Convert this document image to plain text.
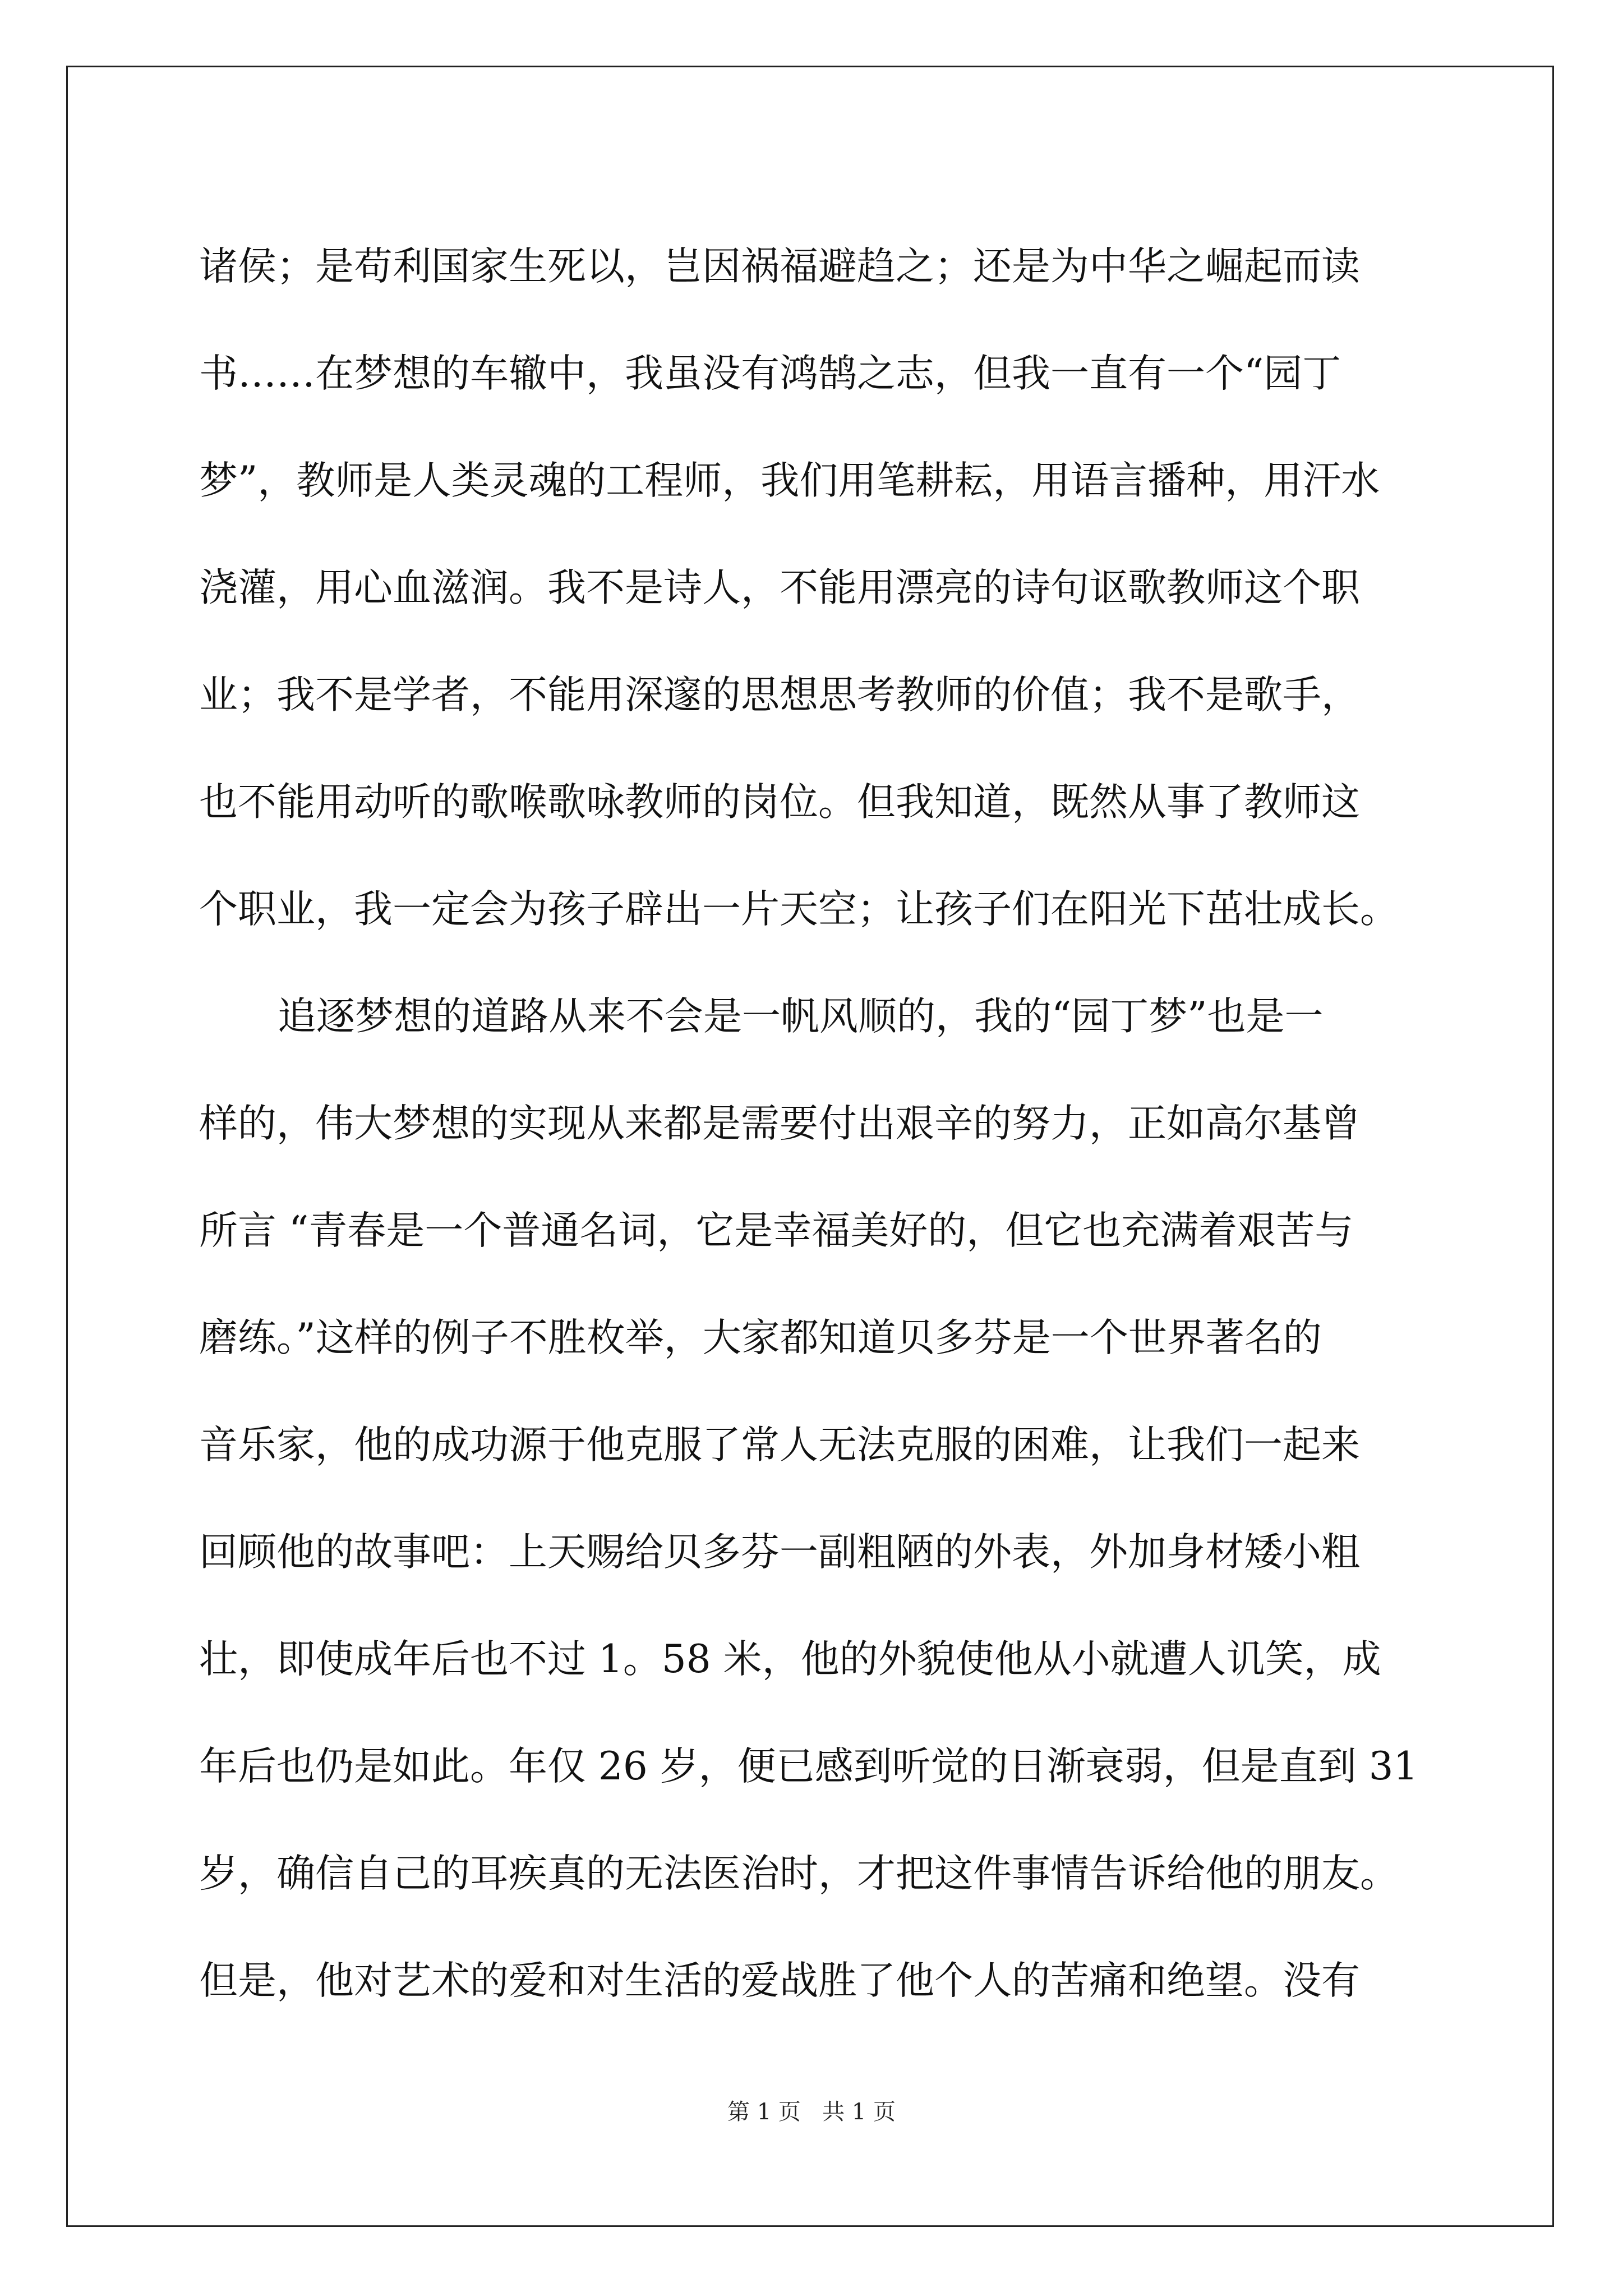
诸侯；是苟利国家生死以，岂因祸福避趋之；还是为中华之崛起而读
书……在梦想的车辙中，我虽没有鸿鹄之志，但我一直有一个“园丁
梦”，教师是人类灵魂的工程师，我们用笔耕耘，用语言播种，用汗水
浇灌，用心血滋润。我不是诗人，不能用漂亮的诗句讴歌教师这个职
业；我不是学者，不能用深邃的思想思考教师的价值；我不是歌手，
也不能用动听的歌喉歌咏教师的岗位。但我知道，既然从事了教师这
个职业，我一定会为孩子辟出一片天空；让孩子们在阳光下茁壮成长。
追逐梦想的道路从来不会是一帆风顺的，我的“园丁梦”也是一
样的，伟大梦想的实现从来都是需要付出艰辛的努力，正如高尔基曾
所言 “青春是一个普通名词，它是幸福美好的，但它也充满着艰苦与
磨练。”这样的例子不胜枚举，大家都知道贝多芬是一个世界著名的
音乐家，他的成功源于他克服了常人无法克服的困难，让我们一起来
回顾他的故事吧：上天赐给贝多芬一副粗陋的外表，外加身材矮小粗
壮，即使成年后也不过 1。58 米，他的外貌使他从小就遭人讥笑，成
年后也仍是如此。年仅 26 岁，便已感到听觉的日渐衰弱，但是直到 31
岁，确信自己的耳疾真的无法医治时，才把这件事情告诉给他的朋友。
但是，他对艺术的爱和对生活的爱战胜了他个人的苦痛和绝望。没有
第 1 页   共 1 页
